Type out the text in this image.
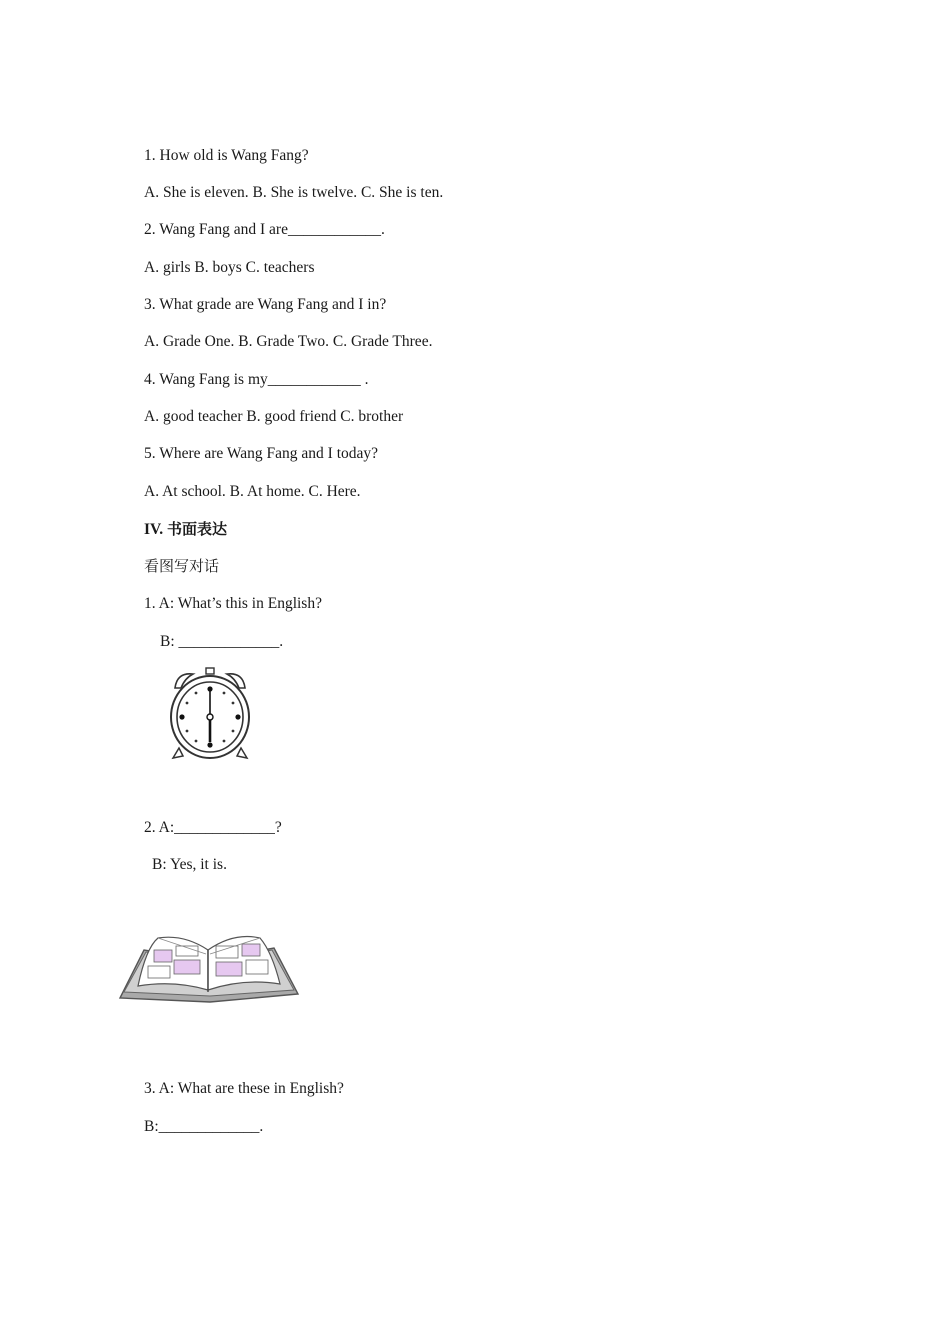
1. How old is Wang Fang?
A. She is eleven. B. She is twelve. C. She is ten.
2. Wang Fang and I are____________.
A. girls B. boys C. teachers
3. What grade are Wang Fang and I in?
A. Grade One. B. Grade Two. C. Grade Three.
4. Wang Fang is my____________ .
A. good teacher B. good friend C. brother
5. Where are Wang Fang and I today?
A. At school. B. At home. C. Here.
IV. 书面表达
看图写对话
1. A: What’s this in English?
B: _____________.
2. A:_____________?
B: Yes, it is.
3. A: What are these in English?
B:_____________.
